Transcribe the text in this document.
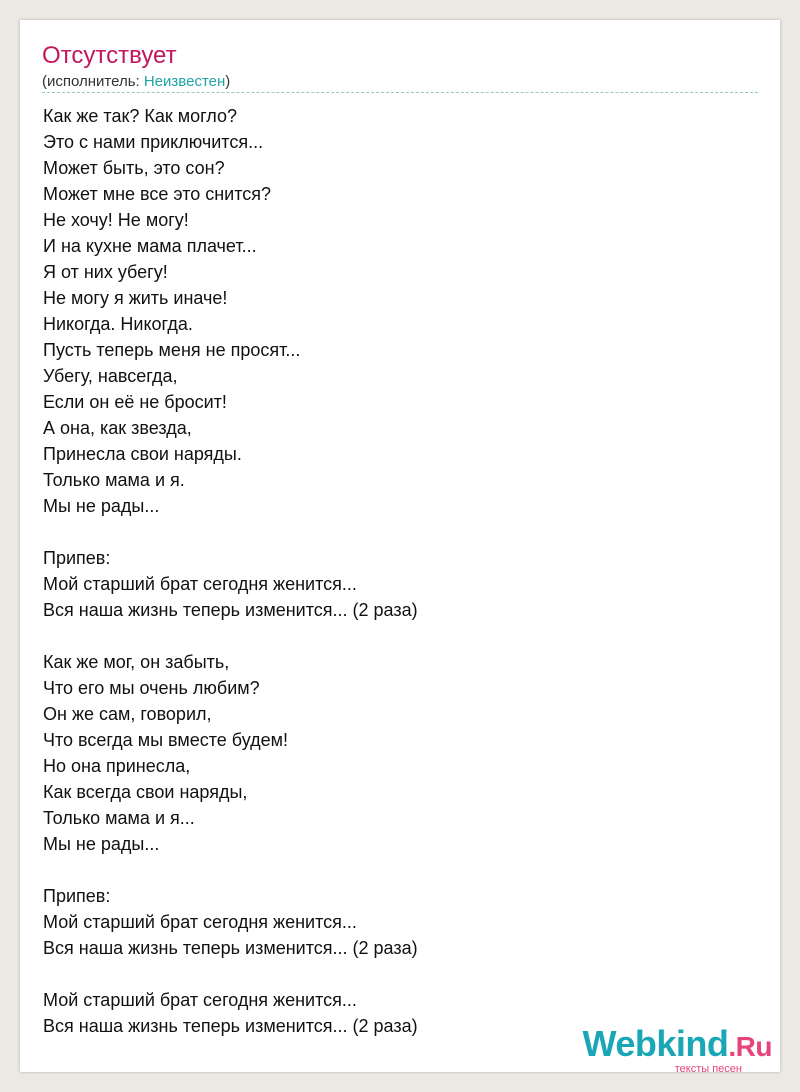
Отсутствует
(исполнитель: Неизвестен)
Как же так? Как могло?
Это с нами приключится...
Может быть, это сон?
Может мне все это снится?
Не хочу! Не могу!
И на кухне мама плачет...
Я от них убегу!
Не могу я жить иначе!
Никогда. Никогда.
Пусть теперь меня не просят...
Убегу, навсегда,
Если он её не бросит!
А она, как звезда,
Принесла свои наряды.
Только мама и я.
Мы не рады...
Припев:
Мой старший брат сегодня женится...
Вся наша жизнь теперь изменится... (2 раза)
Как же мог, он забыть,
Что его мы очень любим?
Он же сам, говорил,
Что всегда мы вместе будем!
Но она принесла,
Как всегда свои наряды,
Только мама и я...
Мы не рады...
Припев:
Мой старший брат сегодня женится...
Вся наша жизнь теперь изменится... (2 раза)
Мой старший брат сегодня женится...
Вся наша жизнь теперь изменится... (2 раза)	Webkind.Ru
тексты песен
